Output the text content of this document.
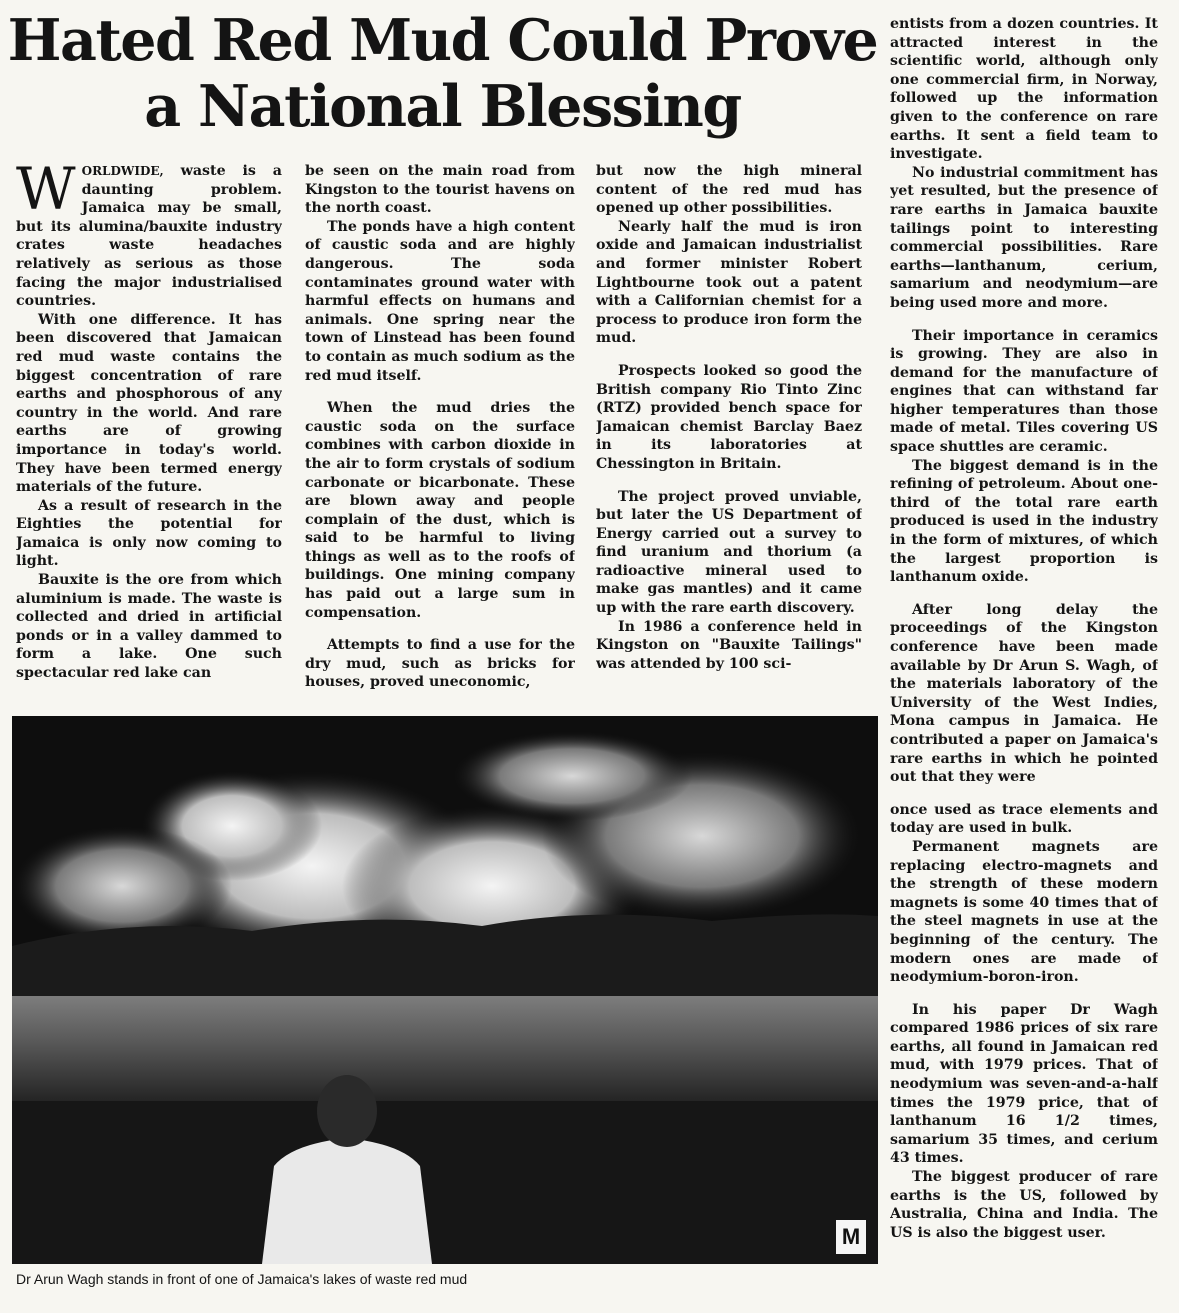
Hated Red Mud Could Prove
a National Blessing

WORLDWIDE, waste is a daunting problem. Jamaica may be small, but its alumina/bauxite industry crates waste headaches relatively as serious as those facing the major industrialised countries.

With one difference. It has been discovered that Jamaican red mud waste contains the biggest concentration of rare earths and phosphorous of any country in the world. And rare earths are of growing importance in today's world. They have been termed energy materials of the future.

As a result of research in the Eighties the potential for Jamaica is only now coming to light.

Bauxite is the ore from which aluminium is made. The waste is collected and dried in artificial ponds or in a valley dammed to form a lake. One such spectacular red lake can

be seen on the main road from Kingston to the tourist havens on the north coast.

The ponds have a high content of caustic soda and are highly dangerous. The soda contaminates ground water with harmful effects on humans and animals. One spring near the town of Linstead has been found to contain as much sodium as the red mud itself.

When the mud dries the caustic soda on the surface combines with carbon dioxide in the air to form crystals of sodium carbonate or bicarbonate. These are blown away and people complain of the dust, which is said to be harmful to living things as well as to the roofs of buildings. One mining company has paid out a large sum in compensation.

Attempts to find a use for the dry mud, such as bricks for houses, proved uneconomic,

but now the high mineral content of the red mud has opened up other possibilities.

Nearly half the mud is iron oxide and Jamaican industrialist and former minister Robert Lightbourne took out a patent with a Californian chemist for a process to produce iron form the mud.

Prospects looked so good the British company Rio Tinto Zinc (RTZ) provided bench space for Jamaican chemist Barclay Baez in its laboratories at Chessington in Britain.

The project proved unviable, but later the US Department of Energy carried out a survey to find uranium and thorium (a radioactive mineral used to make gas mantles) and it came up with the rare earth discovery.

In 1986 a conference held in Kingston on "Bauxite Tailings" was attended by 100 sci-

entists from a dozen countries. It attracted interest in the scientific world, although only one commercial firm, in Norway, followed up the information given to the conference on rare earths. It sent a field team to investigate.

No industrial commitment has yet resulted, but the presence of rare earths in Jamaica bauxite tailings point to interesting commercial possibilities. Rare earths—lanthanum, cerium, samarium and neodymium—are being used more and more.

Their importance in ceramics is growing. They are also in demand for the manufacture of engines that can withstand far higher temperatures than those made of metal. Tiles covering US space shuttles are ceramic.

The biggest demand is in the refining of petroleum. About one-third of the total rare earth produced is used in the industry in the form of mixtures, of which the largest proportion is lanthanum oxide.

After long delay the proceedings of the Kingston conference have been made available by Dr Arun S. Wagh, of the materials laboratory of the University of the West Indies, Mona campus in Jamaica. He contributed a paper on Jamaica's rare earths in which he pointed out that they were

once used as trace elements and today are used in bulk.

Permanent magnets are replacing electro-magnets and the strength of these modern magnets is some 40 times that of the steel magnets in use at the beginning of the century. The modern ones are made of neodymium-boron-iron.

In his paper Dr Wagh compared 1986 prices of six rare earths, all found in Jamaican red mud, with 1979 prices. That of neodymium was seven-and-a-half times the 1979 price, that of lanthanum 16 1/2 times, samarium 35 times, and cerium 43 times.

The biggest producer of rare earths is the US, followed by Australia, China and India. The US is also the biggest user.

M
Dr Arun Wagh stands in front of one of Jamaica's lakes of waste red mud
